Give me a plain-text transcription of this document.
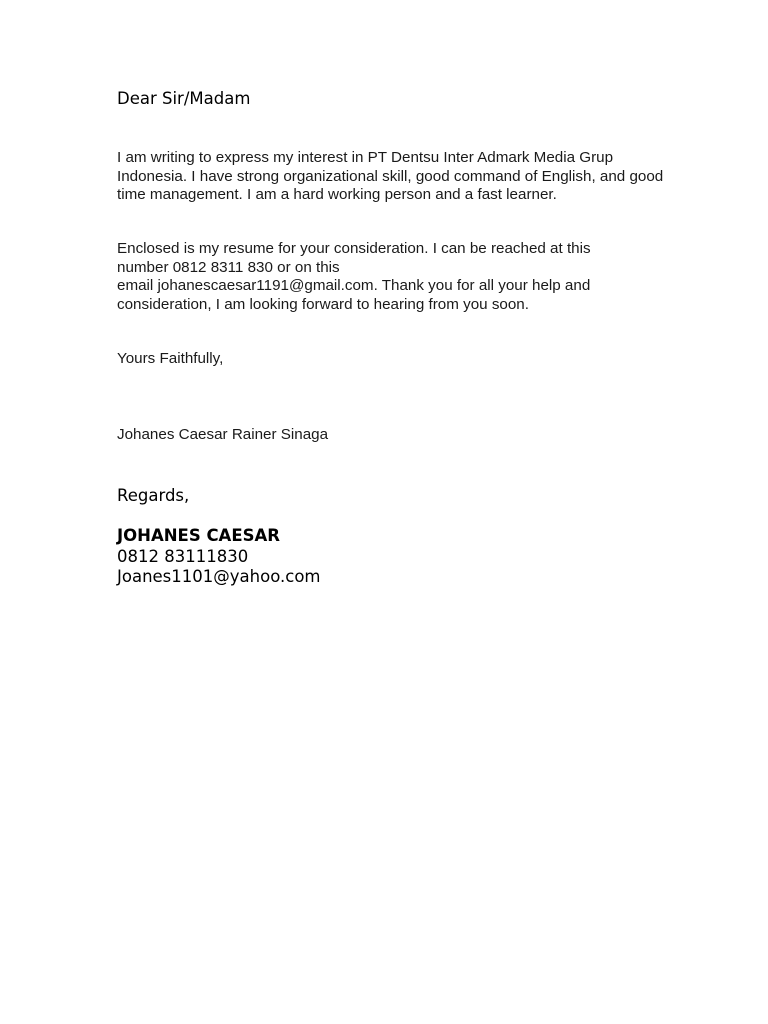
Dear Sir/Madam
I am writing to express my interest in PT Dentsu Inter Admark Media Grup Indonesia. I have strong organizational skill, good command of English, and good time management. I am a hard working person and a fast learner.
Enclosed is my resume for your consideration. I can be reached at this
number 0812 8311 830 or on this
email johanescaesar1191@gmail.com. Thank you for all your help and
consideration, I am looking forward to hearing from you soon.
Yours Faithfully,
Johanes Caesar Rainer Sinaga
Regards,
JOHANES CAESAR
0812 83111830
Joanes1101@yahoo.com
